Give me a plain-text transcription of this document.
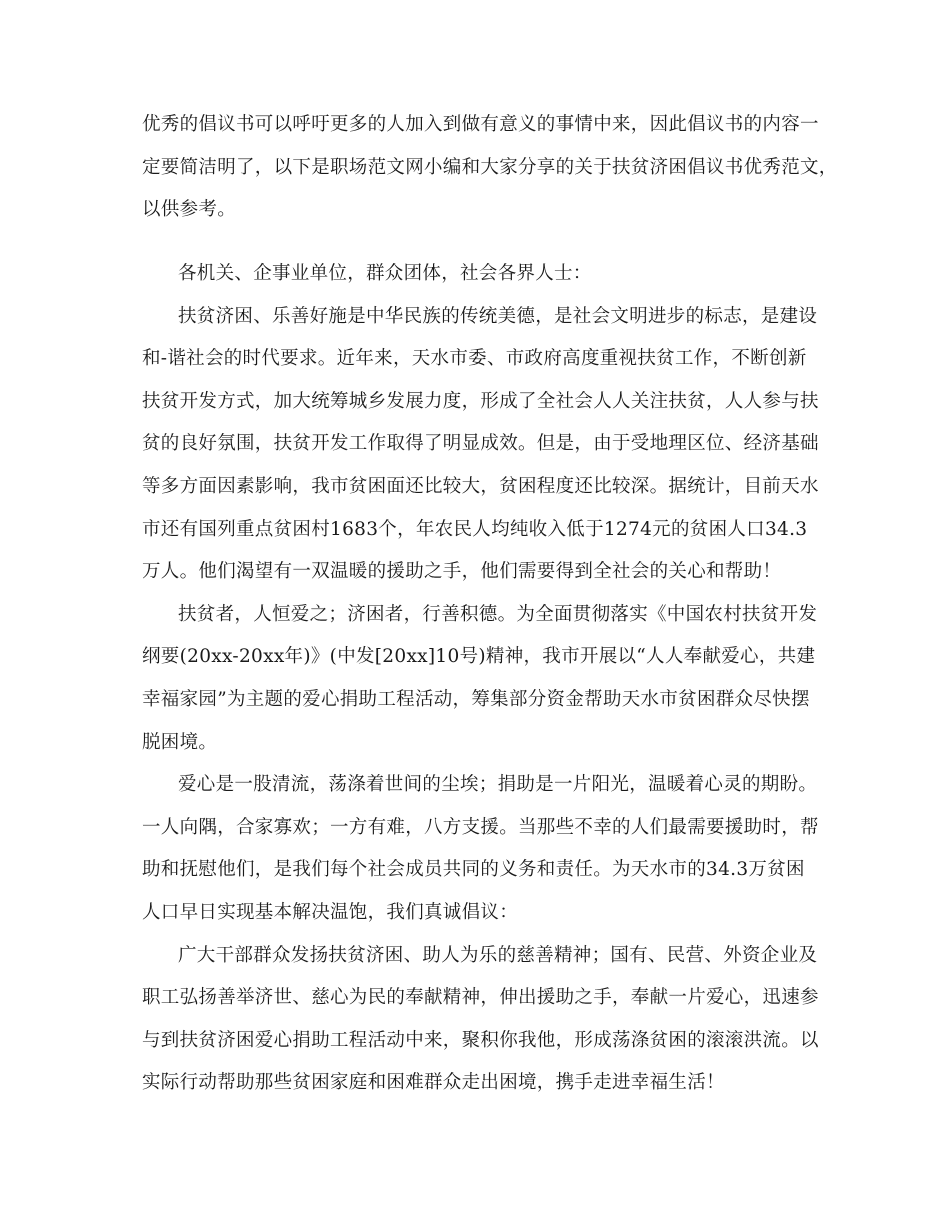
优秀的倡议书可以呼吁更多的人加入到做有意义的事情中来，因此倡议书的内容一
定要简洁明了，以下是职场范文网小编和大家分享的关于扶贫济困倡议书优秀范文，
以供参考。
各机关、企事业单位，群众团体，社会各界人士：
扶贫济困、乐善好施是中华民族的传统美德，是社会文明进步的标志，是建设
和-谐社会的时代要求。近年来，天水市委、市政府高度重视扶贫工作，不断创新
扶贫开发方式，加大统筹城乡发展力度，形成了全社会人人关注扶贫，人人参与扶
贫的良好氛围，扶贫开发工作取得了明显成效。但是，由于受地理区位、经济基础
等多方面因素影响，我市贫困面还比较大，贫困程度还比较深。据统计，目前天水
市还有国列重点贫困村1683个，年农民人均纯收入低于1274元的贫困人口34.3
万人。他们渴望有一双温暖的援助之手，他们需要得到全社会的关心和帮助！
扶贫者，人恒爱之；济困者，行善积德。为全面贯彻落实《中国农村扶贫开发
纲要(20xx-20xx年)》(中发[20xx]10号)精神，我市开展以“人人奉献爱心，共建
幸福家园”为主题的爱心捐助工程活动，筹集部分资金帮助天水市贫困群众尽快摆
脱困境。
爱心是一股清流，荡涤着世间的尘埃；捐助是一片阳光，温暖着心灵的期盼。
一人向隅，合家寡欢；一方有难，八方支援。当那些不幸的人们最需要援助时，帮
助和抚慰他们，是我们每个社会成员共同的义务和责任。为天水市的34.3万贫困
人口早日实现基本解决温饱，我们真诚倡议：
广大干部群众发扬扶贫济困、助人为乐的慈善精神；国有、民营、外资企业及
职工弘扬善举济世、慈心为民的奉献精神，伸出援助之手，奉献一片爱心，迅速参
与到扶贫济困爱心捐助工程活动中来，聚积你我他，形成荡涤贫困的滚滚洪流。以
实际行动帮助那些贫困家庭和困难群众走出困境，携手走进幸福生活！
